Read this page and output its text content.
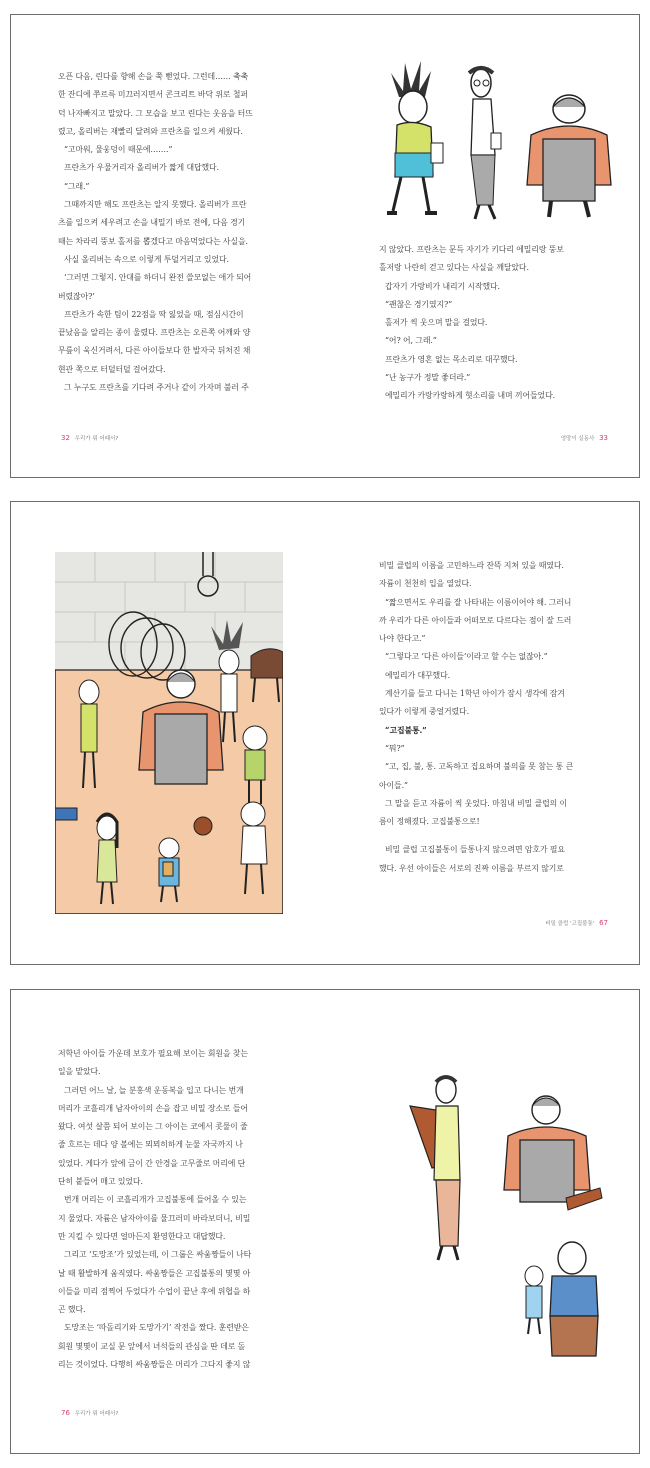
오픈 다음, 린다를 향해 손을 쭉 뻗었다. 그런데…… 축축

한 잔디에 쭈르륵 미끄러지면서 콘크리트 바닥 위로 철퍼

덕 나자빠지고 말았다. 그 모습을 보고 린다는 웃음을 터뜨

렸고, 올리버는 재빨리 달려와 프란츠를 일으켜 세웠다.

“고마워, 물웅덩이 때문에…….”

프란츠가 우물거리자 올리버가 짧게 대답했다.

“그래.”

그때까지만 해도 프란츠는 알지 못했다. 올리버가 프란

츠를 일으켜 세우려고 손을 내밀기 바로 전에, 다음 경기

때는 차라리 뚱보 홀저를 뽑겠다고 마음먹었다는 사실을.

사실 올리버는 속으로 이렇게 투덜거리고 있었다.

‘그러면 그렇지. 안대를 하더니 완전 쓸모없는 애가 되어

버렸잖아?’

프란츠가 속한 팀이 22점을 딱 잃었을 때, 점심시간이

끝났음을 알리는 종이 울렸다. 프란츠는 오른쪽 어깨와 양

무릎이 욱신거려서, 다른 아이들보다 한 발자국 뒤처진 채

현관 쪽으로 터덜터덜 걸어갔다.

그 누구도 프란츠를 기다려 주거나 같이 가자며 불러 주

지 않았다. 프란츠는 문득 자기가 키다리 에밀리랑 뚱보

홀저랑 나란히 걷고 있다는 사실을 깨달았다.

갑자기 가랑비가 내리기 시작했다.

“괜찮은 경기였지?”

홀저가 씩 웃으며 말을 걸었다.

“어? 어, 그래.”

프란츠가 영혼 없는 목소리로 대꾸했다.

“난 농구가 정말 좋더라.”

에밀리가 카랑카랑하게 혓소리를 내며 끼어들었다.

32 우리가 뭐 어때서?	엉망이 실동사 33

비밀 클럽의 이름을 고민하느라 잔뜩 지쳐 있을 때였다.

자륨이 천천히 입을 열었다.

“짧으면서도 우리를 잘 나타내는 이름이어야 해. 그러니

까 우리가 다른 아이들과 어떠모로 다르다는 점이 잘 드러

나야 한다고.”

“그렇다고 ‘다른 아이들’이라고 할 수는 없잖아.”

에밀리가 대꾸했다.

계산기를 들고 다니는 1학년 아이가 잠시 생각에 잠겨

있다가 이렇게 중얼거렸다.

“고집불통.”

“뭐?”

“고, 집, 불, 통. 고독하고 집요하며 불의를 못 참는 통 큰

아이들.”

그 말을 듣고 자륨이 씩 웃었다. 마침내 비밀 클럽의 이

름이 정해졌다. 고집불통으로!

비밀 클럽 고집불통이 들통나지 않으려면 암호가 필요

했다. 우선 아이들은 서로의 진짜 이름을 부르지 않기로

비밀 클럽 '고집불통' 67

저학년 아이들 가운데 보호가 필요해 보이는 회원을 찾는

일을 맡았다.

그러던 어느 날, 늘 분홍색 운동복을 입고 다니는 번개

머리가 코흘리개 남자아이의 손을 잡고 비밀 장소로 들어

왔다. 여섯 살쯤 되어 보이는 그 아이는 코에서 콧물이 줄

줄 흐르는 데다 양 볼에는 뫼뫼히하게 눈물 자국까지 나

있었다. 게다가 앞에 금이 간 안경을 고무줄로 머리에 단

단히 붙들어 매고 있었다.

번개 머리는 이 코흘리개가 고집불통에 들어올 수 있는

지 물었다. 자륨은 남자아이를 물끄러미 바라보더니, 비밀

만 지킬 수 있다면 얼마든지 환영한다고 대답했다.

그리고 ‘도망조’가 있었는데, 이 그룹은 싸움짱들이 나타

날 때 활발하게 움직였다. 싸움짱들은 고집불통의 몇몇 아

이들을 미리 점찍어 두었다가 수업이 끝난 후에 위협을 하

곤 했다.

도망조는 ‘따돌리기와 도망가기’ 작전을 짰다. 훈련받은

회원 몇몇이 교실 문 앞에서 녀석들의 관심을 딴 데로 돌

리는 것이었다. 다행히 싸움짱들은 머리가 그다지 좋지 않

76 우리가 뭐 어때서?
